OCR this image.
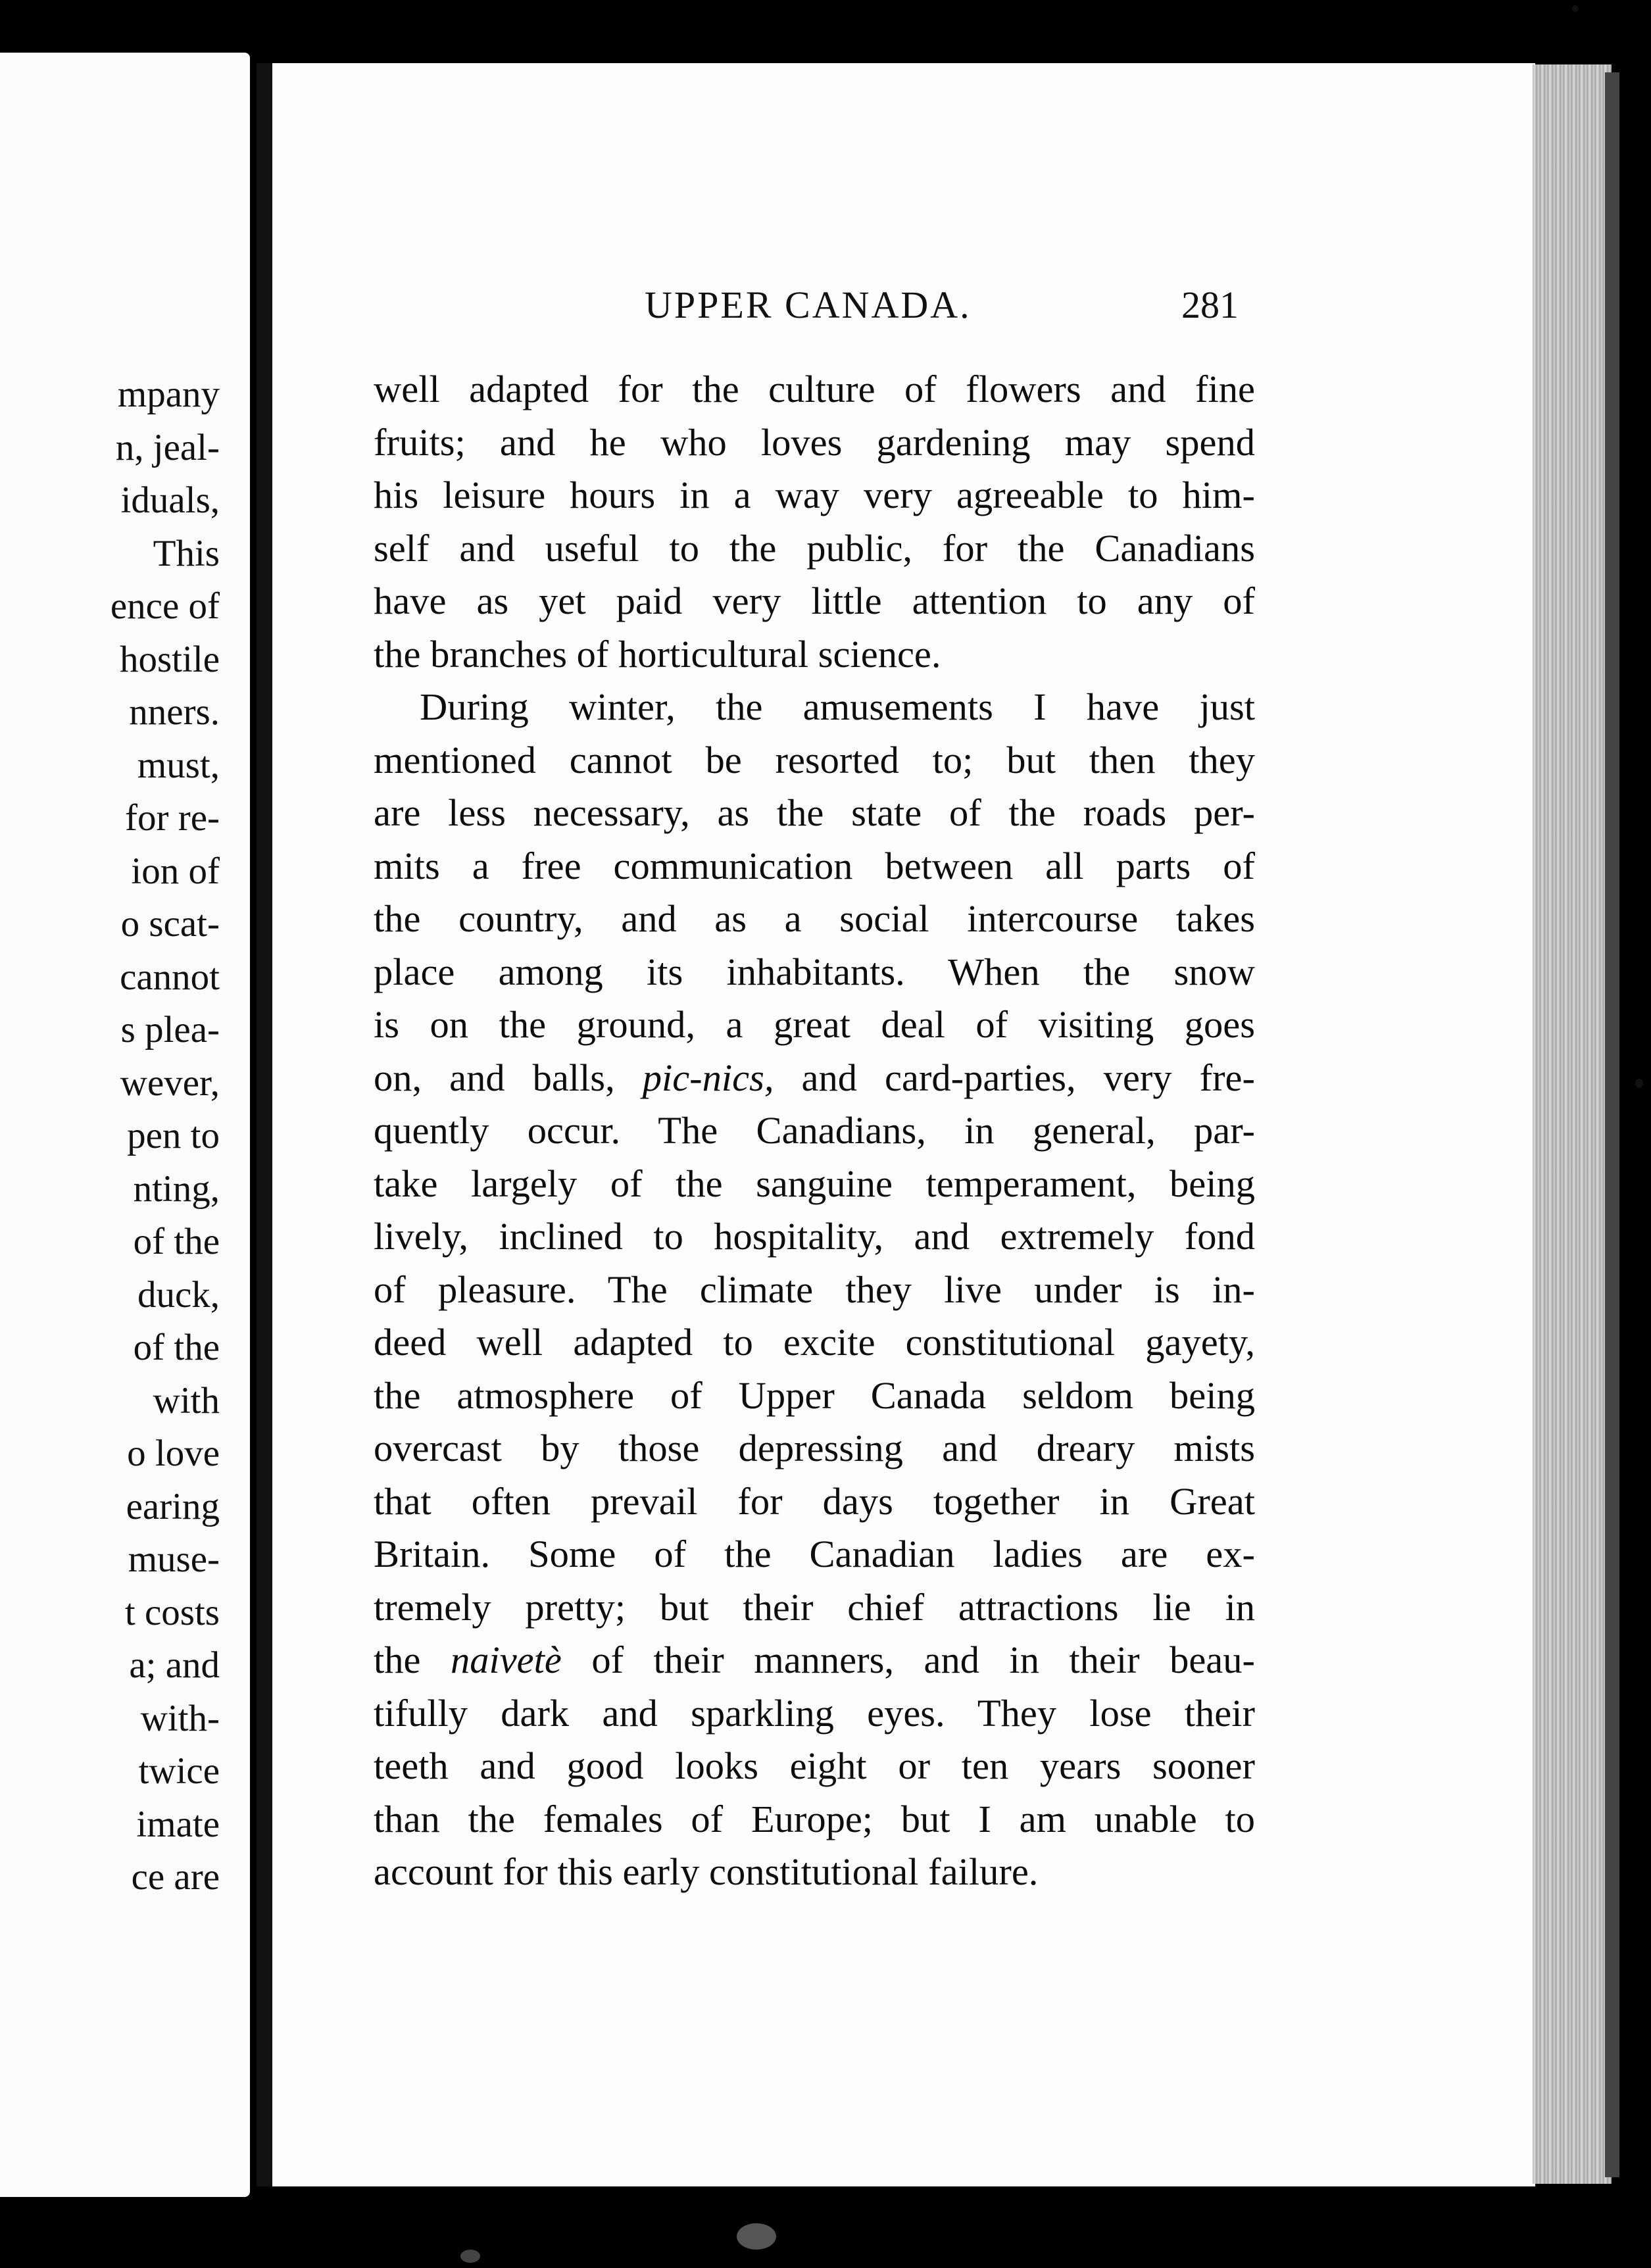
mpany
n, jeal-
iduals,
This
ence of
hostile
nners.
must,
for re-
ion of
o scat-
cannot
s plea-
wever,
pen to
nting,
of the
duck,
of the
with
o love
earing
muse-
t costs
a; and
with-
twice
imate
ce are
UPPER CANADA.	281
well adapted for the culture of flowers and fine
fruits; and he who loves gardening may spend
his leisure hours in a way very agreeable to him-
self and useful to the public, for the Canadians
have as yet paid very little attention to any of
the branches of horticultural science.
During winter, the amusements I have just
mentioned cannot be resorted to; but then they
are less necessary, as the state of the roads per-
mits a free communication between all parts of
the country, and as a social intercourse takes
place among its inhabitants. When the snow
is on the ground, a great deal of visiting goes
on, and balls, pic-nics, and card-parties, very fre-
quently occur. The Canadians, in general, par-
take largely of the sanguine temperament, being
lively, inclined to hospitality, and extremely fond
of pleasure. The climate they live under is in-
deed well adapted to excite constitutional gayety,
the atmosphere of Upper Canada seldom being
overcast by those depressing and dreary mists
that often prevail for days together in Great
Britain. Some of the Canadian ladies are ex-
tremely pretty; but their chief attractions lie in
the naivetè of their manners, and in their beau-
tifully dark and sparkling eyes. They lose their
teeth and good looks eight or ten years sooner
than the females of Europe; but I am unable to
account for this early constitutional failure.
